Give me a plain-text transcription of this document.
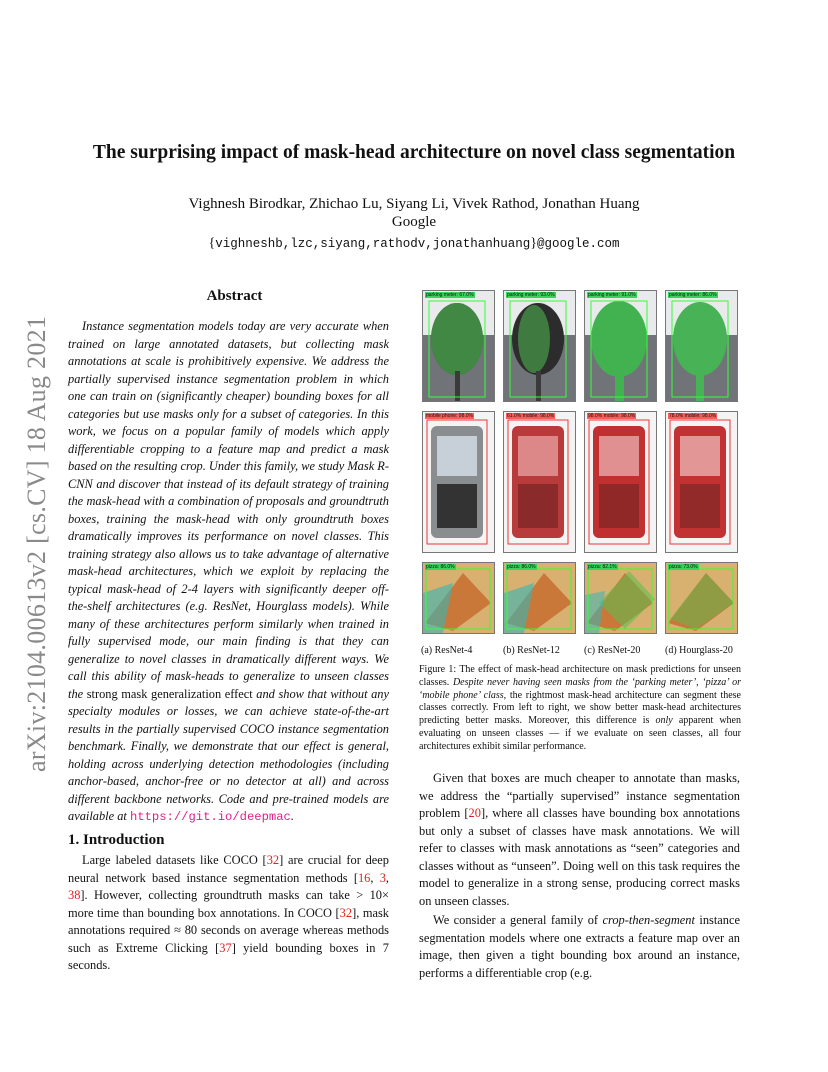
The surprising impact of mask-head architecture on novel class segmentation
Vighnesh Birodkar, Zhichao Lu, Siyang Li, Vivek Rathod, Jonathan Huang
Google
{vighneshb,lzc,siyang,rathodv,jonathanhuang}@google.com
arXiv:2104.00613v2 [cs.CV] 18 Aug 2021
Abstract
Instance segmentation models today are very accurate when trained on large annotated datasets, but collecting mask annotations at scale is prohibitively expensive. We address the partially supervised instance segmentation problem in which one can train on (significantly cheaper) bounding boxes for all categories but use masks only for a subset of categories. In this work, we focus on a popular family of models which apply differentiable cropping to a feature map and predict a mask based on the resulting crop. Under this family, we study Mask R-CNN and discover that instead of its default strategy of training the mask-head with a combination of proposals and groundtruth boxes, training the mask-head with only groundtruth boxes dramatically improves its performance on novel classes. This training strategy also allows us to take advantage of alternative mask-head architectures, which we exploit by replacing the typical mask-head of 2-4 layers with significantly deeper off-the-shelf architectures (e.g. ResNet, Hourglass models). While many of these architectures perform similarly when trained in fully supervised mode, our main finding is that they can generalize to novel classes in dramatically different ways. We call this ability of mask-heads to generalize to unseen classes the strong mask generalization effect and show that without any specialty modules or losses, we can achieve state-of-the-art results in the partially supervised COCO instance segmentation benchmark. Finally, we demonstrate that our effect is general, holding across underlying detection methodologies (including anchor-based, anchor-free or no detector at all) and across different backbone networks. Code and pre-trained models are available at https://git.io/deepmac.
1. Introduction

Large labeled datasets like COCO [32] are crucial for deep neural network based instance segmentation methods [16, 3, 38]. However, collecting groundtruth masks can take > 10× more time than bounding box annotations. In COCO [32], mask annotations required ≈ 80 seconds on average whereas methods such as Extreme Clicking [37] yield bounding boxes in 7 seconds.

parking meter: 67.0%	parking meter: 93.0%	parking meter: 91.0%	parking meter: 86.0%
mobile phone: 98.0%	61.0% mobile: 98.0%	98.0% mobile: 98.0%	78.0% mobile: 98.0%
pizza: 86.0%	pizza: 86.0%	pizza: 82.1%	pizza: 73.0%
(a) ResNet-4	(b) ResNet-12 (c) ResNet-20 (d) Hourglass-20
Figure 1: The effect of mask-head architecture on mask predictions for unseen classes. Despite never having seen masks from the ‘parking meter’, ‘pizza’ or ‘mobile phone’ class, the rightmost mask-head architecture can segment these classes correctly. From left to right, we show better mask-head architectures predicting better masks. Moreover, this difference is only apparent when evaluating on unseen classes — if we evaluate on seen classes, all four architectures exhibit similar performance.

Given that boxes are much cheaper to annotate than masks, we address the “partially supervised” instance segmentation problem [20], where all classes have bounding box annotations but only a subset of classes have mask annotations. We will refer to classes with mask annotations as “seen” categories and classes without as “unseen”. Doing well on this task requires the model to generalize in a strong sense, producing correct masks on unseen classes.

We consider a general family of crop-then-segment instance segmentation models where one extracts a feature map over an image, then given a tight bounding box around an instance, performs a differentiable crop (e.g.
